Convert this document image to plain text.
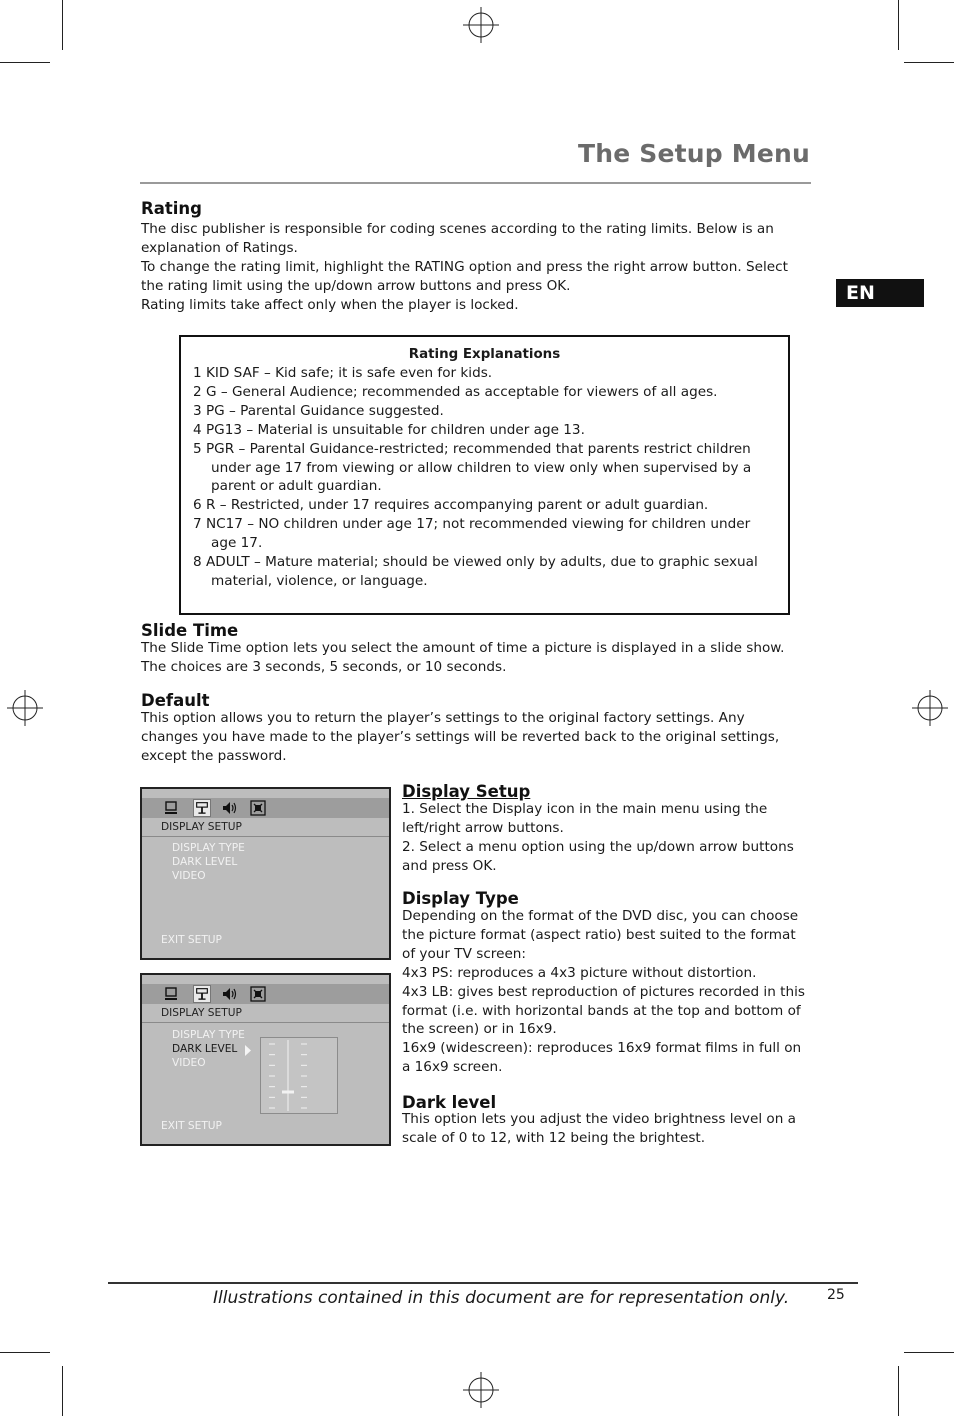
The Setup Menu
EN
Rating

The disc publisher is responsible for coding scenes according to the rating limits. Below is an explanation of Ratings.

To change the rating limit, highlight the RATING option and press the right arrow button. Select the rating limit using the up/down arrow buttons and press OK.

Rating limits take affect only when the player is locked.

Rating Explanations
1 KID SAF – Kid safe; it is safe even for kids.
2 G – General Audience; recommended as acceptable for viewers of all ages.
3 PG – Parental Guidance suggested.
4 PG13 – Material is unsuitable for children under age 13.
5 PGR – Parental Guidance-restricted; recommended that parents restrict children under age 17 from viewing or allow children to view only when supervised by a parent or adult guardian.
6 R – Restricted, under 17 requires accompanying parent or adult guardian.
7 NC17 – NO children under age 17; not recommended viewing for children under age 17.
8 ADULT – Mature material; should be viewed only by adults, due to graphic sexual material, violence, or language.
Slide Time
The Slide Time option lets you select the amount of time a picture is displayed in a slide show. The choices are 3 seconds, 5 seconds, or 10 seconds.
Default
This option allows you to return the player’s settings to the original factory settings. Any changes you have made to the player’s settings will be reverted back to the original settings, except the password.
DISPLAY SETUP
DISPLAY TYPE
DARK LEVEL
VIDEO
EXIT SETUP
DISPLAY SETUP
DISPLAY TYPE
DARK LEVEL
VIDEO
EXIT SETUP
Display Setup

1. Select the Display icon in the main menu using the left/right arrow buttons.

2. Select a menu option using the up/down arrow buttons and press OK.

Display Type

Depending on the format of the DVD disc, you can choose the picture format (aspect ratio) best suited to the format of your TV screen:

4x3 PS: reproduces a 4x3 picture without distortion.

4x3 LB: gives best reproduction of pictures recorded in this format (i.e. with horizontal bands at the top and bottom of the screen) or in 16x9.

16x9 (widescreen): reproduces 16x9 format films in full on a 16x9 screen.

Dark level
This option lets you adjust the video brightness level on a scale of 0 to 12, with 12 being the brightest.
Illustrations contained in this document are for representation only.	25
